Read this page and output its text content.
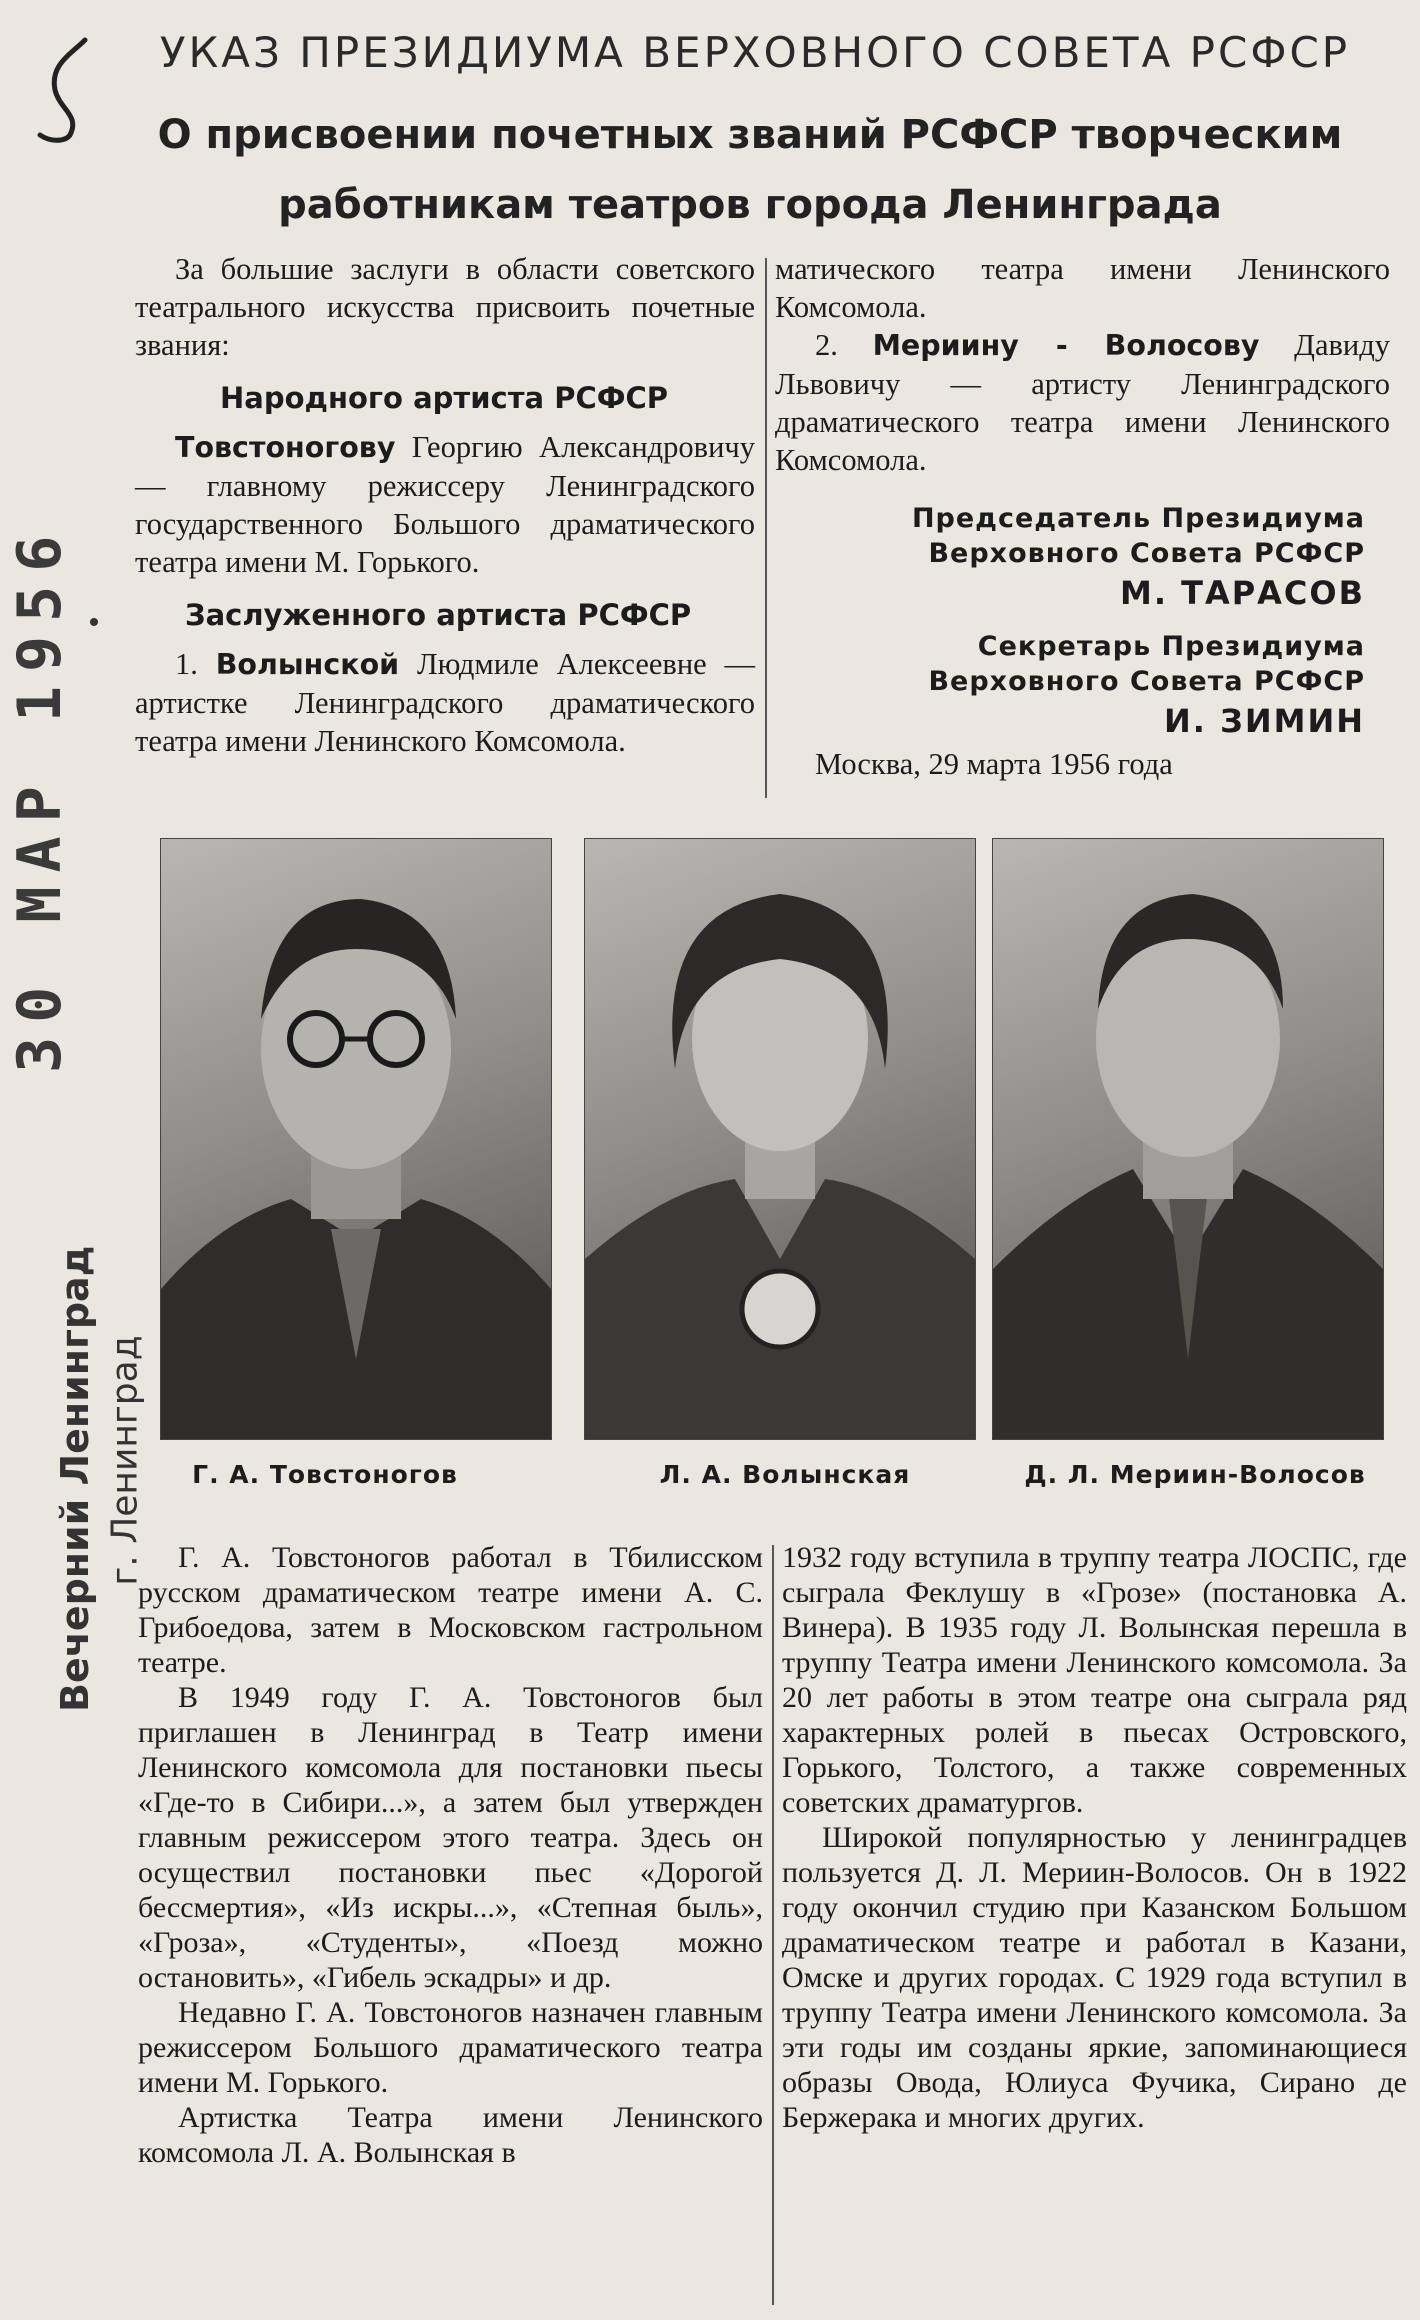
30 МАР 1956
Вечерний Ленинград г. Ленинград
УКАЗ ПРЕЗИДИУМА ВЕРХОВНОГО СОВЕТА РСФСР
О присвоении почетных званий РСФСР творческим
работникам театров города Ленинграда

За большие заслуги в области советского театрального искусства присвоить почетные звания:

Народного артиста РСФСР

Товстоногову Георгию Александровичу — главному режиссеру Ленинградского государственного Большого драматического театра имени М. Горького.

Заслуженного артиста РСФСР

1. Волынской Людмиле Алексеевне — артистке Ленинградского драматического театра имени Ленинского Комсомола.

матического театра имени Ленинского Комсомола.

2. Мериину - Волосову Давиду Львовичу — артисту Ленинградского драматического театра имени Ленинского Комсомола.

Председатель Президиума
Верховного Совета РСФСР
М. ТАРАСОВ
Секретарь Президиума
Верховного Совета РСФСР
И. ЗИМИН
Москва, 29 марта 1956 года
Г. А. Товстоногов	Л. А. Волынская	Д. Л. Мериин-Волосов

Г. А. Товстоногов работал в Тбилисском русском драматическом театре имени А. С. Грибоедова, затем в Московском гастрольном театре.

В 1949 году Г. А. Товстоногов был приглашен в Ленинград в Театр имени Ленинского комсомола для постановки пьесы «Где-то в Сибири...», а затем был утвержден главным режиссером этого театра. Здесь он осуществил постановки пьес «Дорогой бессмертия», «Из искры...», «Степная быль», «Гроза», «Студенты», «Поезд можно остановить», «Гибель эскадры» и др.

Недавно Г. А. Товстоногов назначен главным режиссером Большого драматического театра имени М. Горького.

Артистка Театра имени Ленинского комсомола Л. А. Волынская в

1932 году вступила в труппу театра ЛОСПС, где сыграла Феклушу в «Грозе» (постановка А. Винера). В 1935 году Л. Волынская перешла в труппу Театра имени Ленинского комсомола. За 20 лет работы в этом театре она сыграла ряд характерных ролей в пьесах Островского, Горького, Толстого, а также современных советских драматургов.

Широкой популярностью у ленинградцев пользуется Д. Л. Мериин-Волосов. Он в 1922 году окончил студию при Казанском Большом драматическом театре и работал в Казани, Омске и других городах. С 1929 года вступил в труппу Театра имени Ленинского комсомола. За эти годы им созданы яркие, запоминающиеся образы Овода, Юлиуса Фучика, Сирано де Бержерака и многих других.
